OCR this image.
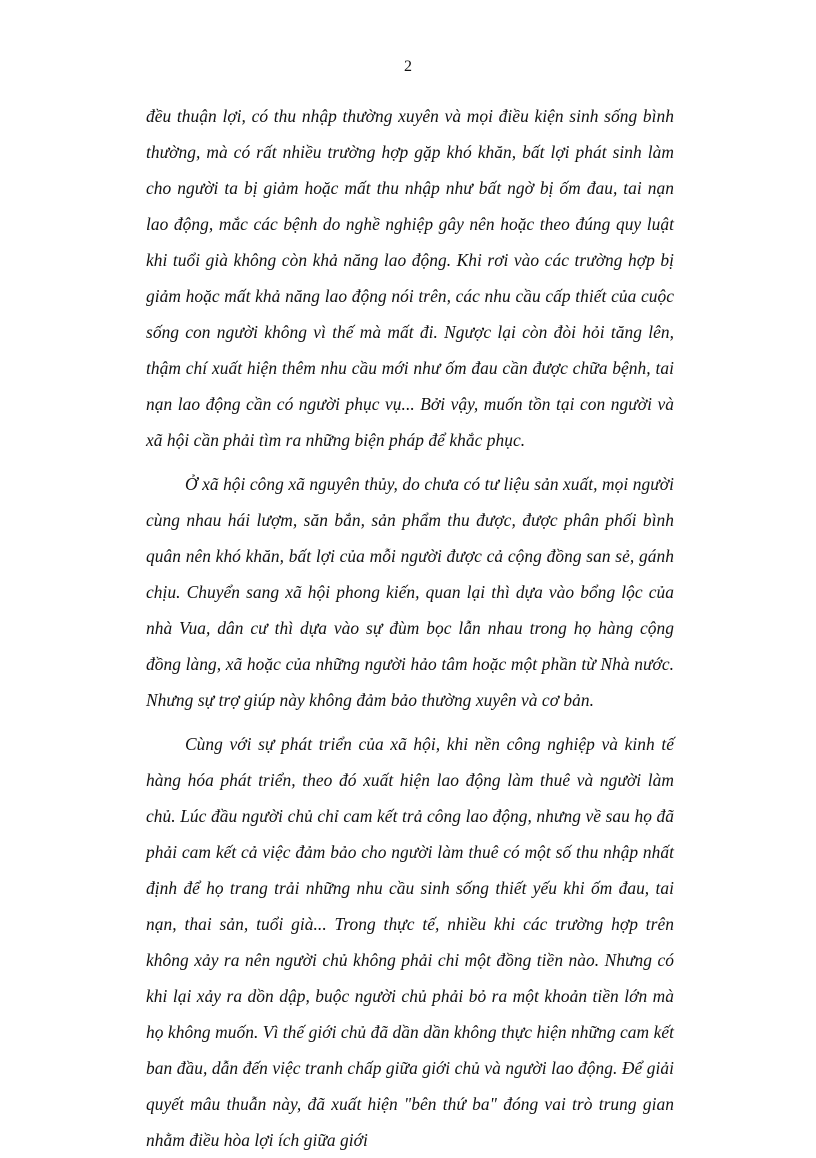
2

đều thuận lợi, có thu nhập thường xuyên và mọi điều kiện sinh sống bình thường, mà có rất nhiều trường hợp gặp khó khăn, bất lợi phát sinh làm cho người ta bị giảm hoặc mất thu nhập như bất ngờ bị ốm đau, tai nạn lao động, mắc các bệnh do nghề nghiệp gây nên hoặc theo đúng quy luật khi tuổi già không còn khả năng lao động. Khi rơi vào các trường hợp bị giảm hoặc mất khả năng lao động nói trên, các nhu cầu cấp thiết của cuộc sống con người không vì thế mà mất đi. Ngược lại còn đòi hỏi tăng lên, thậm chí xuất hiện thêm nhu cầu mới như ốm đau cần được chữa bệnh, tai nạn lao động cần có người phục vụ... Bởi vậy, muốn tồn tại con người và xã hội cần phải tìm ra những biện pháp để khắc phục.

Ở xã hội công xã nguyên thủy, do chưa có tư liệu sản xuất, mọi người cùng nhau hái lượm, săn bắn, sản phẩm thu được, được phân phối bình quân nên khó khăn, bất lợi của mỗi người được cả cộng đồng san sẻ, gánh chịu. Chuyển sang xã hội phong kiến, quan lại thì dựa vào bổng lộc của nhà Vua, dân cư thì dựa vào sự đùm bọc lẫn nhau trong họ hàng cộng đồng làng, xã hoặc của những người hảo tâm hoặc một phần từ Nhà nước. Nhưng sự trợ giúp này không đảm bảo thường xuyên và cơ bản.

Cùng với sự phát triển của xã hội, khi nền công nghiệp và kinh tế hàng hóa phát triển, theo đó xuất hiện lao động làm thuê và người làm chủ. Lúc đầu người chủ chỉ cam kết trả công lao động, nhưng về sau họ đã phải cam kết cả việc đảm bảo cho người làm thuê có một số thu nhập nhất định để họ trang trải những nhu cầu sinh sống thiết yếu khi ốm đau, tai nạn, thai sản, tuổi già... Trong thực tế, nhiều khi các trường hợp trên không xảy ra nên người chủ không phải chi một đồng tiền nào. Nhưng có khi lại xảy ra dồn dập, buộc người chủ phải bỏ ra một khoản tiền lớn mà họ không muốn. Vì thế giới chủ đã dần dần không thực hiện những cam kết ban đầu, dẫn đến việc tranh chấp giữa giới chủ và người lao động. Để giải quyết mâu thuẫn này, đã xuất hiện "bên thứ ba" đóng vai trò trung gian nhằm điều hòa lợi ích giữa giới
